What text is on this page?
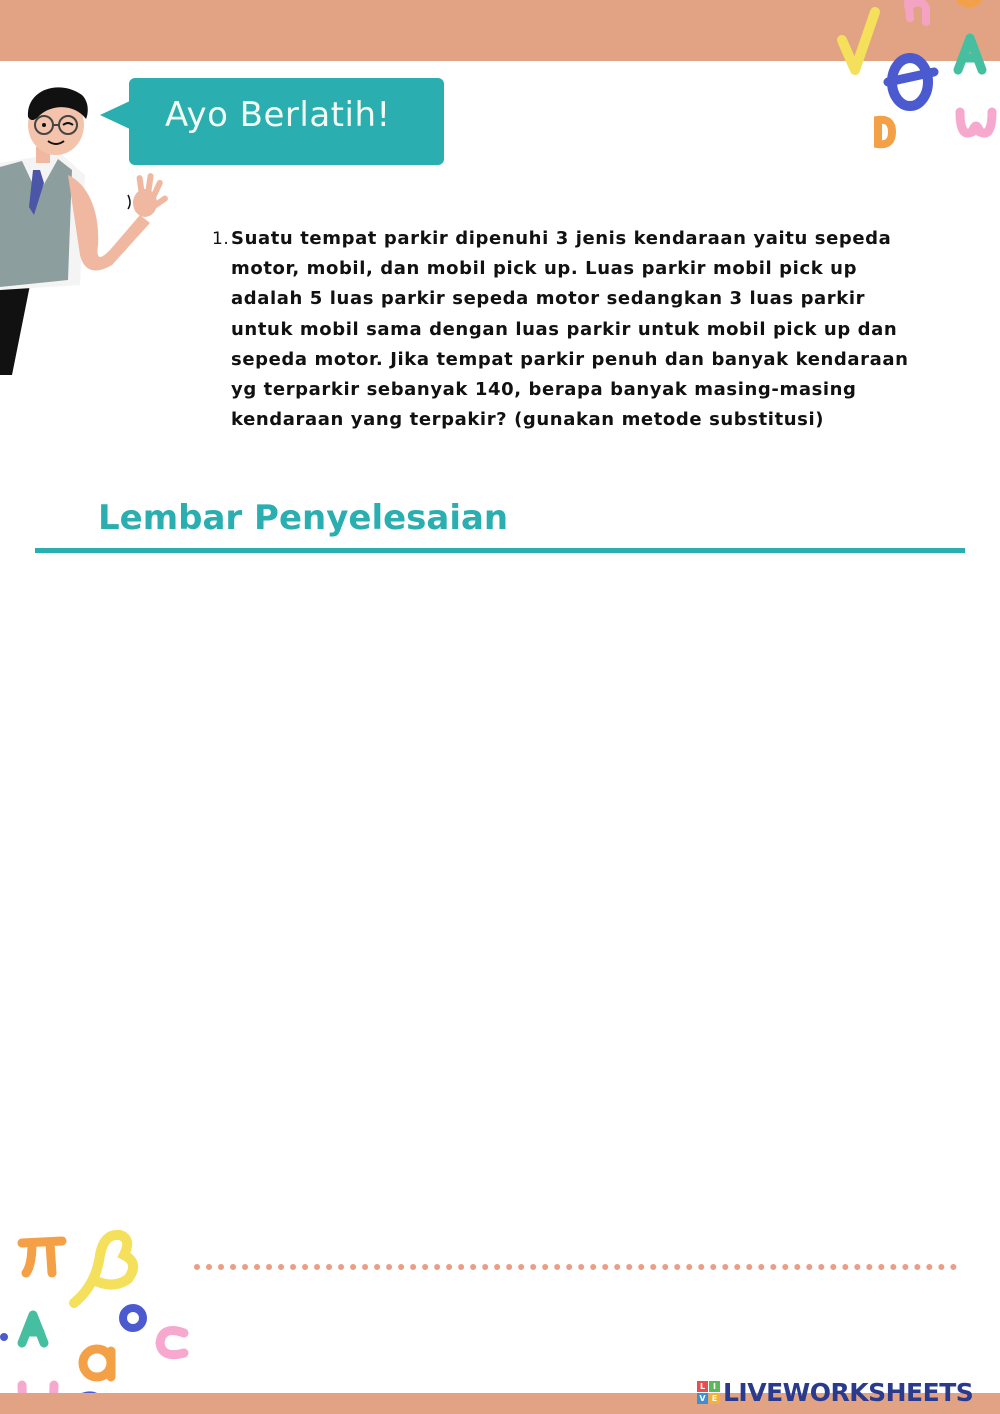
Ayo Berlatih!
1. Suatu tempat parkir dipenuhi 3 jenis kendaraan yaitu sepeda motor, mobil, dan mobil pick up. Luas parkir mobil pick up adalah 5 luas parkir sepeda motor sedangkan 3 luas parkir untuk mobil sama dengan luas parkir untuk mobil pick up dan sepeda motor. Jika tempat parkir penuh dan banyak kendaraan yg terparkir sebanyak 140, berapa banyak masing-masing kendaraan yang terpakir? (gunakan metode substitusi)
Lembar Penyelesaian
L I
V E LIVEWORKSHEETS
